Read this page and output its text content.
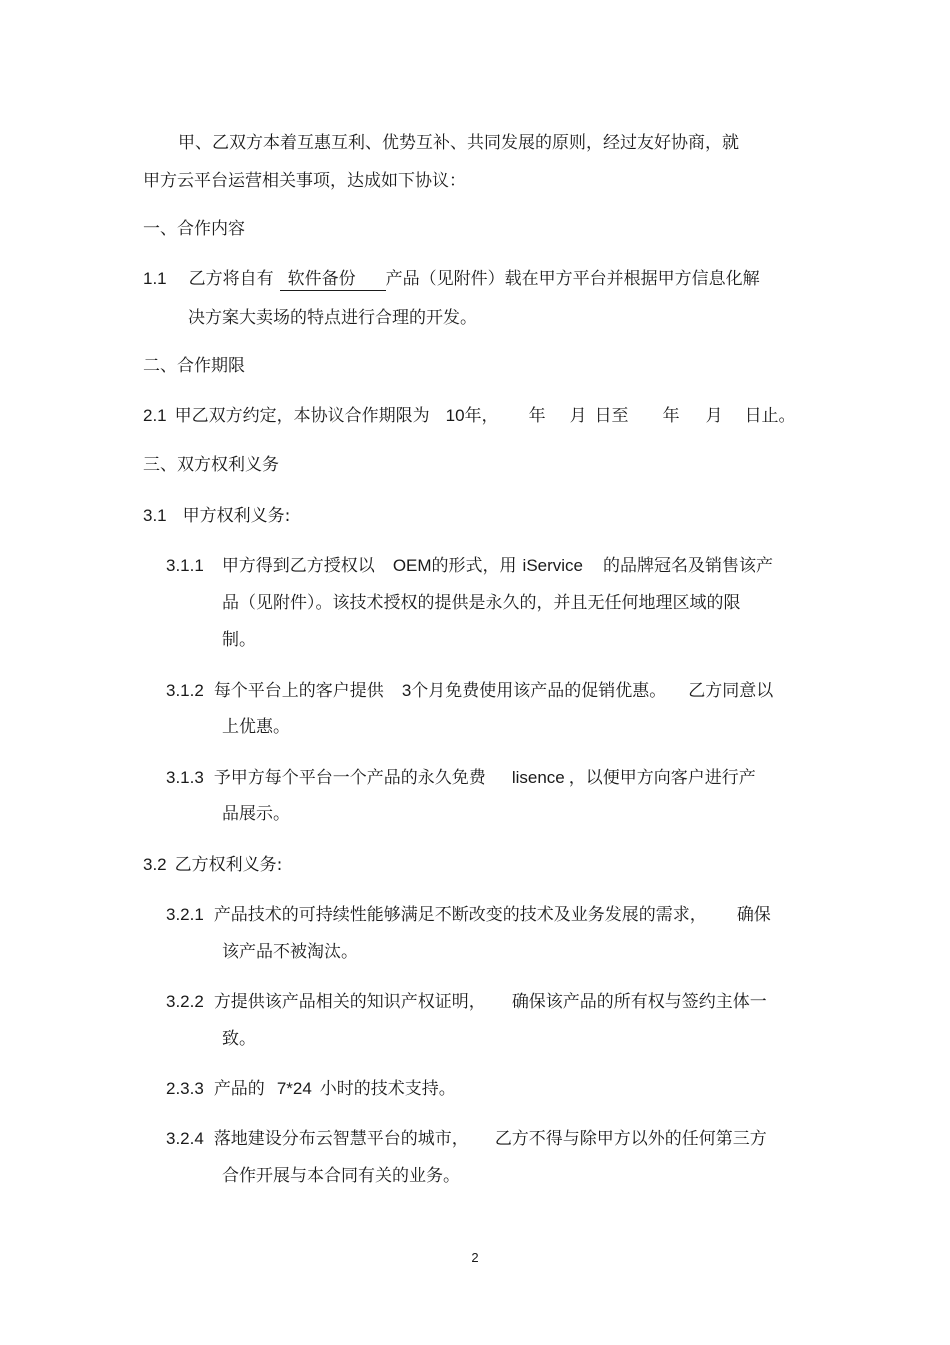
甲、乙双方本着互惠互利、优势互补、共同发展的原则，经过友好协商，就
甲方云平台运营相关事项，达成如下协议：
一、合作内容
1.1 乙方将自有 软件备份 产品（见附件）载在甲方平台并根据甲方信息化解
决方案大卖场的特点进行合理的开发。
二、合作期限
2.1 甲乙双方约定，本协议合作期限为 10年， 年 月 日至 年 月 日止。
三、双方权利义务
3.1 甲方权利义务:
3.1.1 甲方得到乙方授权以 OEM的形式，用 iService 的品牌冠名及销售该产
品（见附件）。该技术授权的提供是永久的，并且无任何地理区域的限
制。
3.1.2 每个平台上的客户提供 3个月免费使用该产品的促销优惠。 乙方同意以
上优惠。
3.1.3 予甲方每个平台一个产品的永久免费 lisence ，以便甲方向客户进行产
品展示。
3.2 乙方权利义务:
3.2.1 产品技术的可持续性能够满足不断改变的技术及业务发展的需求， 确保
该产品不被淘汰。
3.2.2 方提供该产品相关的知识产权证明， 确保该产品的所有权与签约主体一
致。
2.3.3 产品的 7*24 小时的技术支持。
3.2.4 落地建设分布云智慧平台的城市， 乙方不得与除甲方以外的任何第三方
合作开展与本合同有关的业务。
2
